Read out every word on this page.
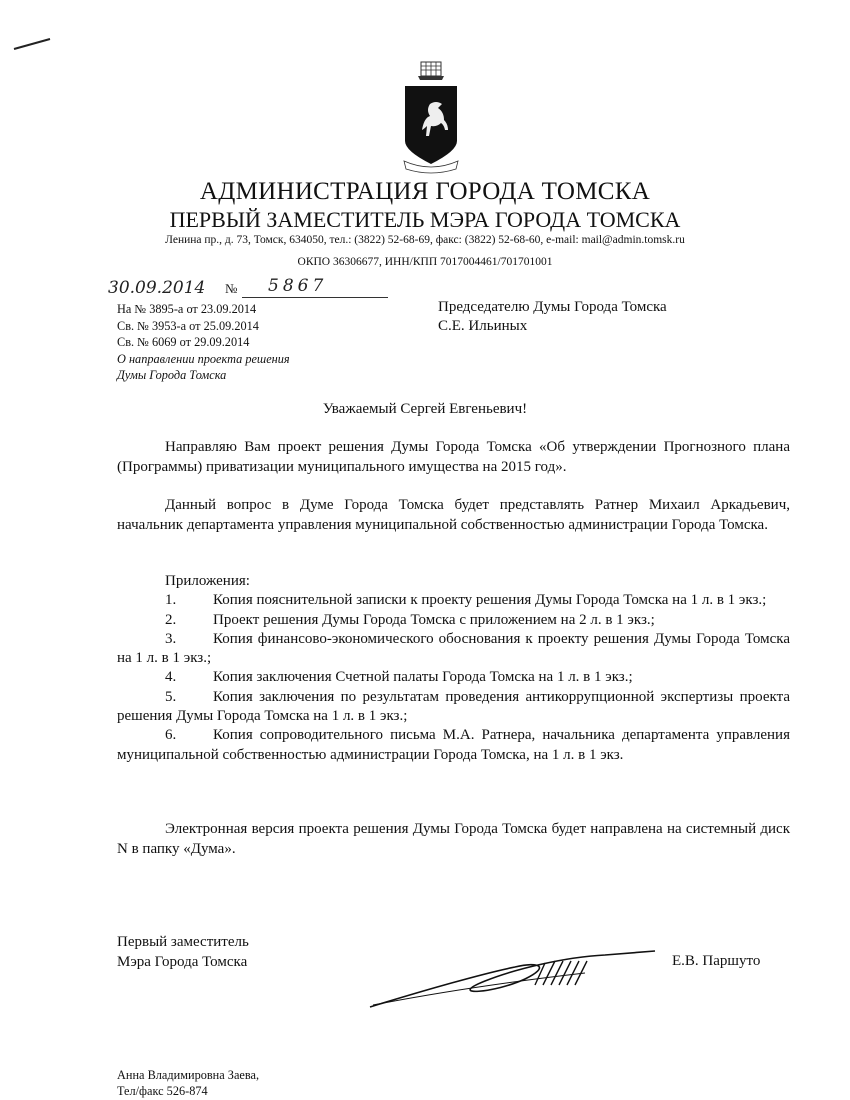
АДМИНИСТРАЦИЯ ГОРОДА ТОМСКА
ПЕРВЫЙ ЗАМЕСТИТЕЛЬ МЭРА ГОРОДА ТОМСКА
Ленина пр., д. 73, Томск, 634050, тел.: (3822) 52-68-69, факс: (3822) 52-68-60, e-mail: mail@admin.tomsk.ru
ОКПО 36306677, ИНН/КПП 7017004461/701701001
30.09.2014 № 5867
На № 3895-а от 23.09.2014
Св. № 3953-а от 25.09.2014
Св. № 6069 от 29.09.2014
О направлении проекта решения
Думы Города Томска
Председателю Думы Города Томска
С.Е. Ильиных
Уважаемый Сергей Евгеньевич!

Направляю Вам проект решения Думы Города Томска «Об утверждении Прогнозного плана (Программы) приватизации муниципального имущества на 2015 год».

Данный вопрос в Думе Города Томска будет представлять Ратнер Михаил Аркадьевич, начальник департамента управления муниципальной собственностью администрации Города Томска.

Приложения:
1. Копия пояснительной записки к проекту решения Думы Города Томска на 1 л. в 1 экз.;
2. Проект решения Думы Города Томска с приложением на 2 л. в 1 экз.;
3. Копия финансово-экономического обоснования к проекту решения Думы Города Томска на 1 л. в 1 экз.;
4. Копия заключения Счетной палаты Города Томска на 1 л. в 1 экз.;
5. Копия заключения по результатам проведения антикоррупционной экспертизы проекта решения Думы Города Томска на 1 л. в 1 экз.;
6. Копия сопроводительного письма М.А. Ратнера, начальника департамента управления муниципальной собственностью администрации Города Томска, на 1 л. в 1 экз.

Электронная версия проекта решения Думы Города Томска будет направлена на системный диск N в папку «Дума».

Первый заместитель
Мэра Города Томска	Е.В. Паршуто
Анна Владимировна Заева,
Тел/факс 526-874
